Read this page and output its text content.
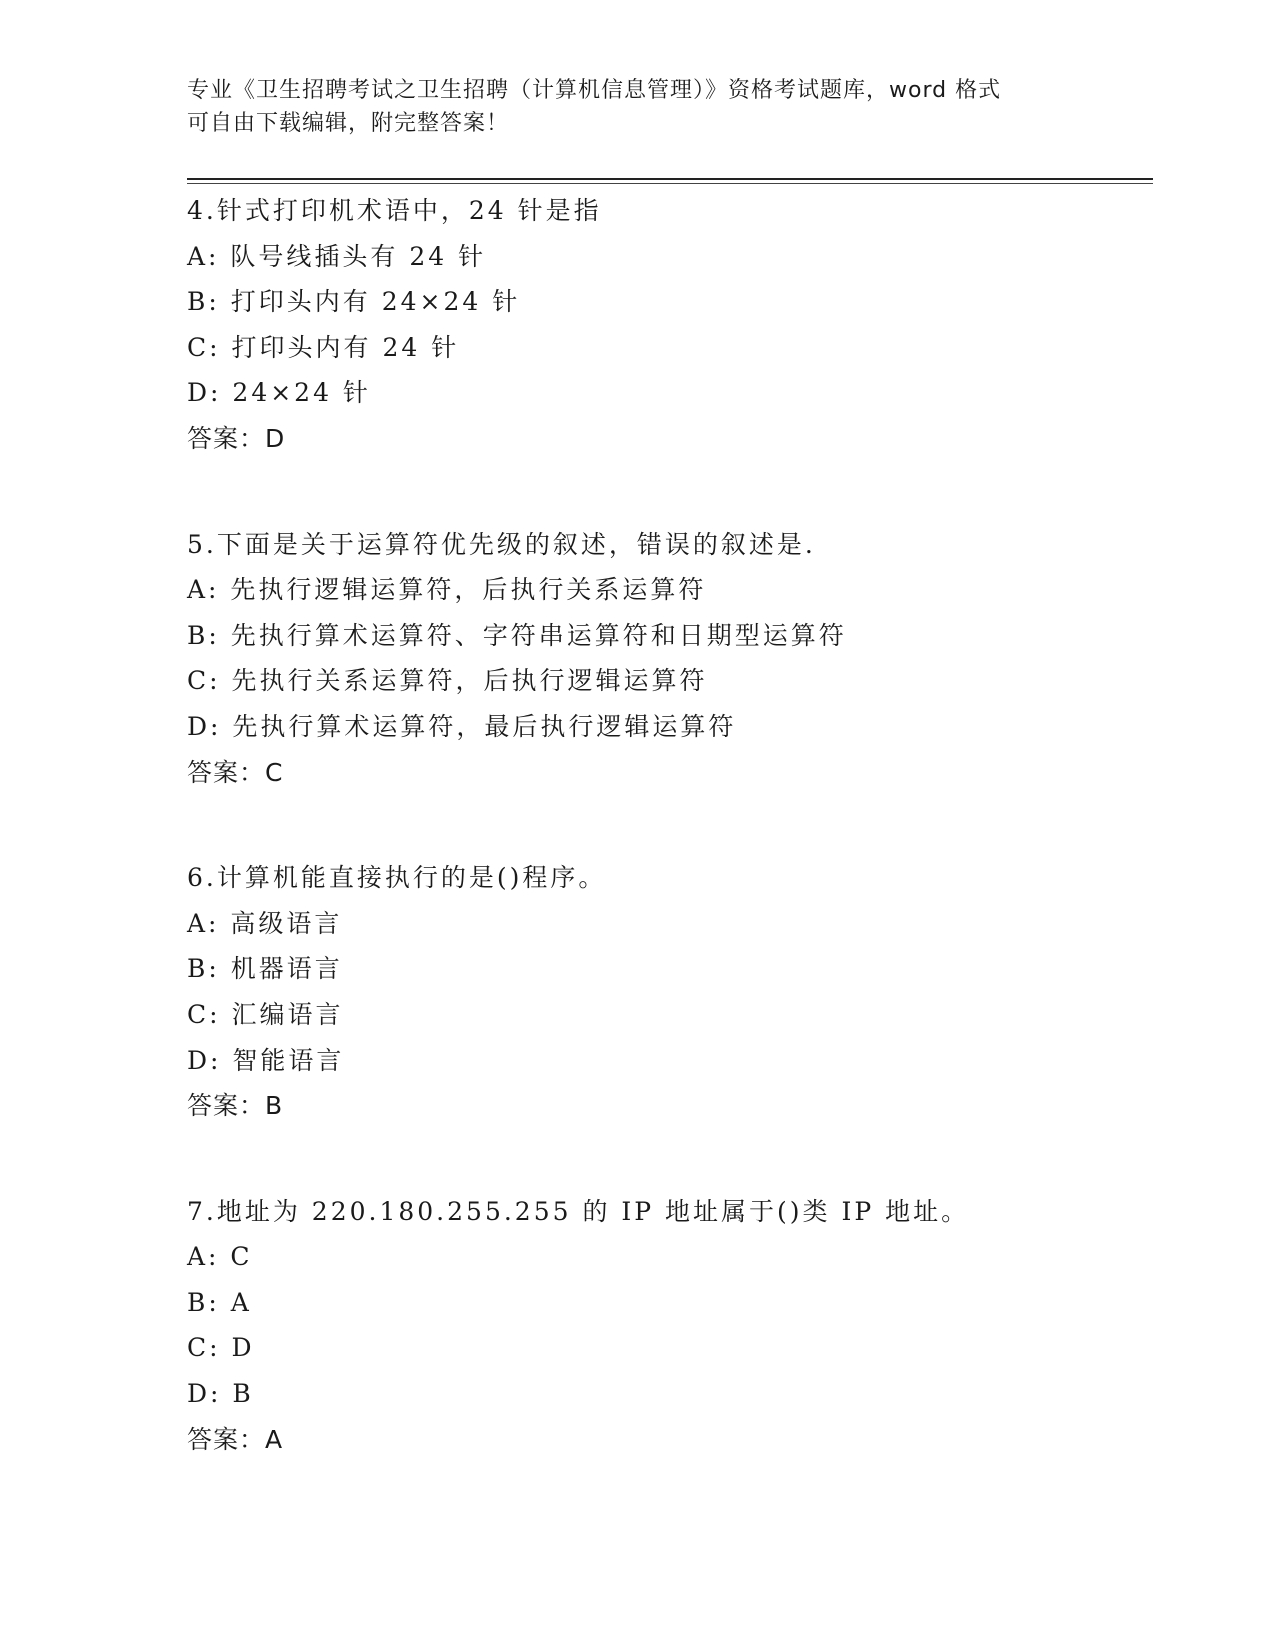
专业《卫生招聘考试之卫生招聘（计算机信息管理）》资格考试题库，word 格式
可自由下载编辑，附完整答案！
4.针式打印机术语中，24 针是指
A: 队号线插头有 24 针
B: 打印头内有 24×24 针
C: 打印头内有 24 针
D: 24×24 针
答案：D
5.下面是关于运算符优先级的叙述，错误的叙述是.
A: 先执行逻辑运算符，后执行关系运算符
B: 先执行算术运算符、字符串运算符和日期型运算符
C: 先执行关系运算符，后执行逻辑运算符
D: 先执行算术运算符，最后执行逻辑运算符
答案：C
6.计算机能直接执行的是()程序。
A: 高级语言
B: 机器语言
C: 汇编语言
D: 智能语言
答案：B
7.地址为 220.180.255.255 的 IP 地址属于()类 IP 地址。
A: C
B: A
C: D
D: B
答案：A
